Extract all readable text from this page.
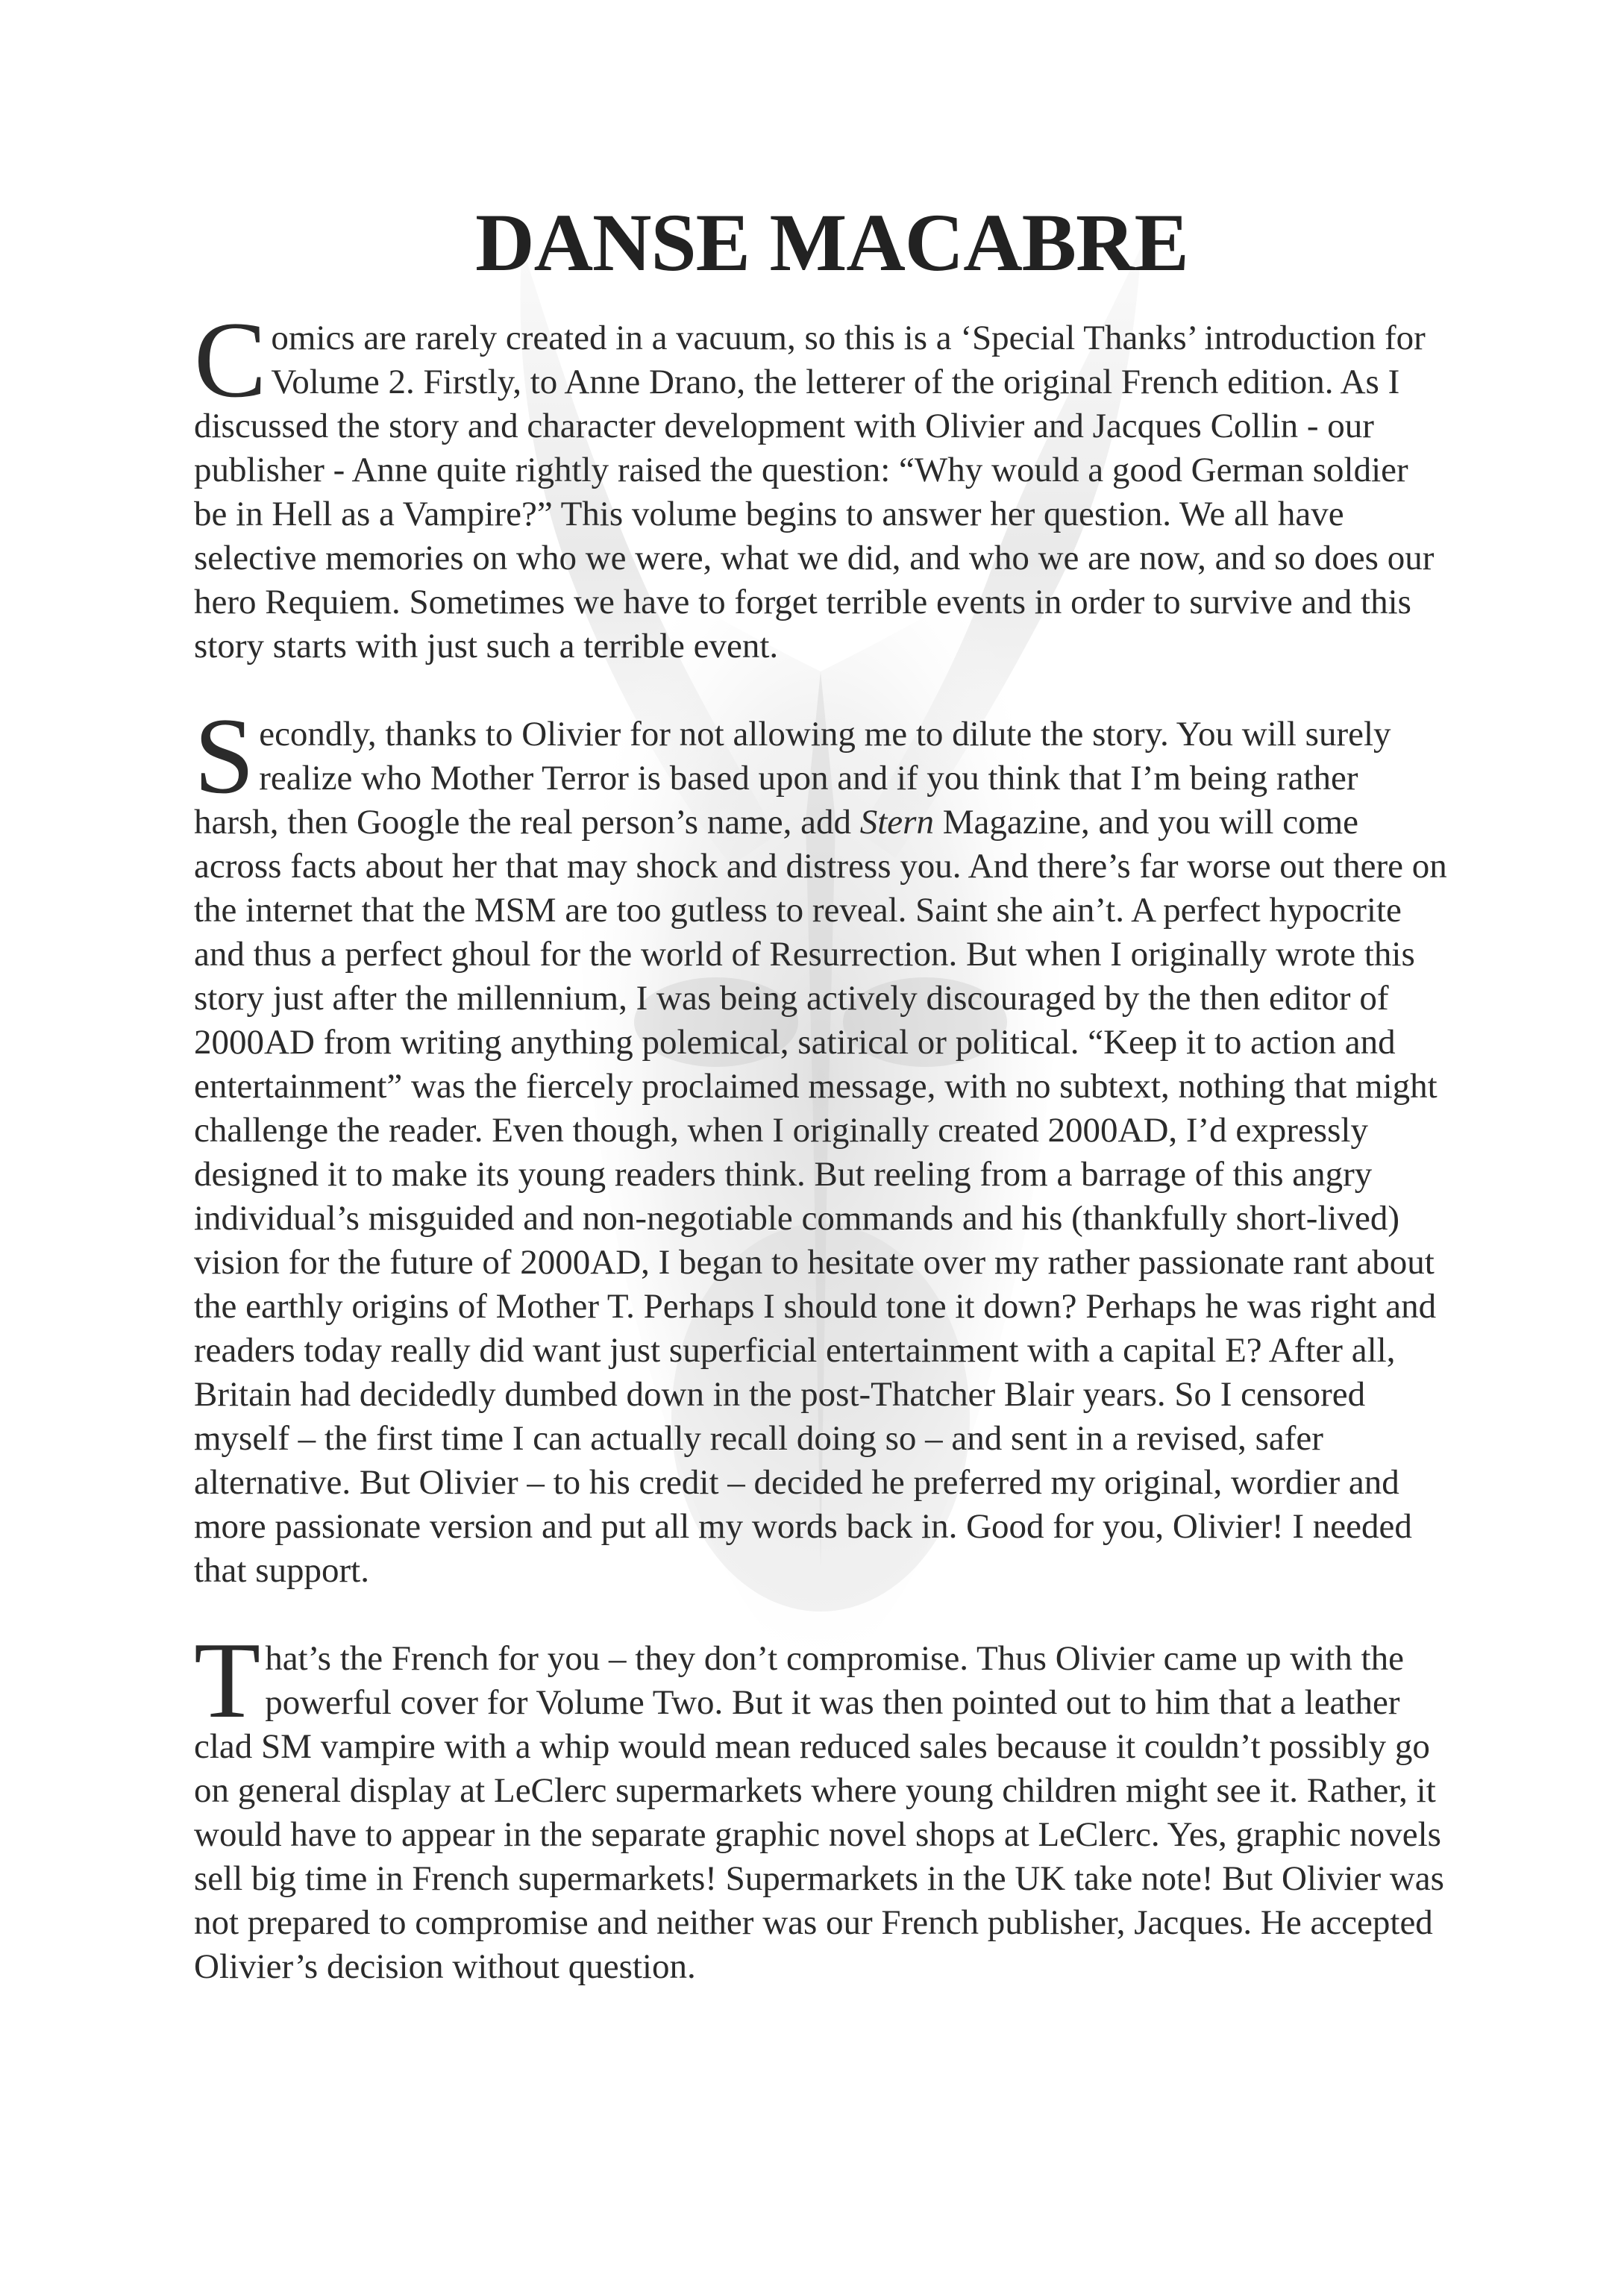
DANSE MACABRE

Comics are rarely created in a vacuum, so this is a ‘Special Thanks’ introduction for Volume 2. Firstly, to Anne Drano, the letterer of the original French edition. As I discussed the story and character development with Olivier and Jacques Collin - our publisher - Anne quite rightly raised the question: “Why would a good German soldier be in Hell as a Vampire?” This volume begins to answer her question. We all have selective memories on who we were, what we did, and who we are now, and so does our hero Requiem. Sometimes we have to forget terrible events in order to survive and this story starts with just such a terrible event.

Secondly, thanks to Olivier for not allowing me to dilute the story. You will surely realize who Mother Terror is based upon and if you think that I’m being rather harsh, then Google the real person’s name, add Stern Magazine, and you will come across facts about her that may shock and distress you. And there’s far worse out there on the internet that the MSM are too gutless to reveal. Saint she ain’t. A perfect hypocrite and thus a perfect ghoul for the world of Resurrection. But when I originally wrote this story just after the millennium, I was being actively discouraged by the then editor of 2000AD from writing anything polemical, satirical or political. “Keep it to action and entertainment” was the fiercely proclaimed message, with no subtext, nothing that might challenge the reader. Even though, when I originally created 2000AD, I’d expressly designed it to make its young readers think. But reeling from a barrage of this angry individual’s misguided and non-negotiable commands and his (thankfully short-lived) vision for the future of 2000AD, I began to hesitate over my rather passionate rant about the earthly origins of Mother T. Perhaps I should tone it down? Perhaps he was right and readers today really did want just superficial entertainment with a capital E? After all, Britain had decidedly dumbed down in the post-Thatcher Blair years. So I censored myself – the first time I can actually recall doing so – and sent in a revised, safer alternative. But Olivier – to his credit – decided he preferred my original, wordier and more passionate version and put all my words back in. Good for you, Olivier! I needed that support.

That’s the French for you – they don’t compromise. Thus Olivier came up with the powerful cover for Volume Two. But it was then pointed out to him that a leather clad SM vampire with a whip would mean reduced sales because it couldn’t possibly go on general display at LeClerc supermarkets where young children might see it. Rather, it would have to appear in the separate graphic novel shops at LeClerc. Yes, graphic novels sell big time in French supermarkets! Supermarkets in the UK take note! But Olivier was not prepared to compromise and neither was our French publisher, Jacques. He accepted Olivier’s decision without question.
